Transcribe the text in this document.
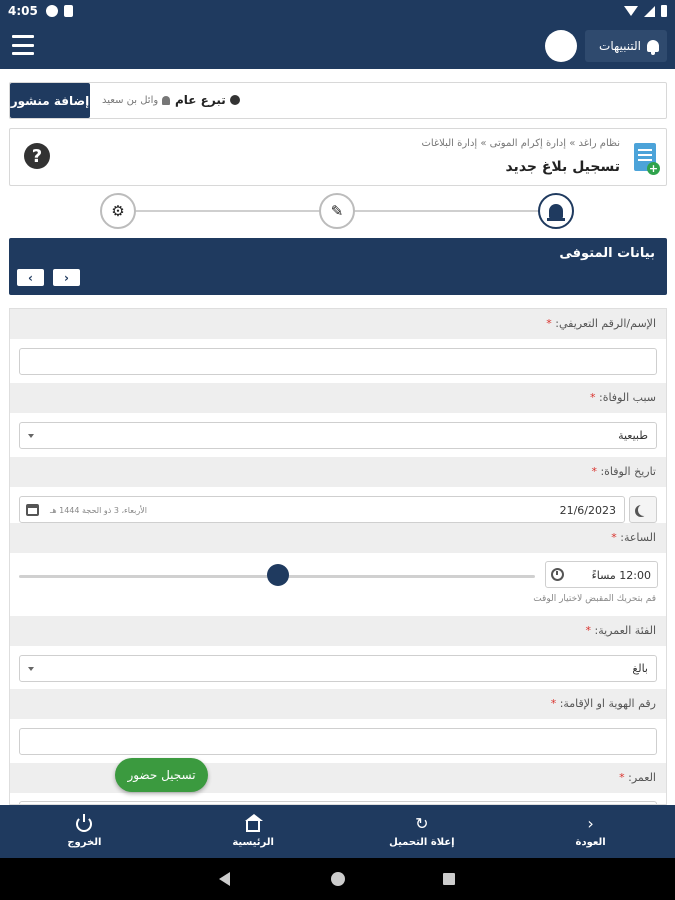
4:05
التنبيهات
إضافة منشور وائل بن سعيد تبرع عام
?
نظام راغد » إدارة إكرام الموتى » إدارة البلاغات
تسجيل بلاغ جديد	+
⚙	✎
بيانات المتوفى
‹	›
الإسم/الرقم التعريفي: *
سبب الوفاة: *
طبيعية
تاريخ الوفاة: *
21/6/2023
الأربعاء، 3 ذو الحجة 1444 هـ
الساعة: *
12:00 مساءً
قم بتحريك المقبض لاختيار الوقت
الفئة العمرية: *
بالغ
رقم الهوية او الإقامة: *
العمر: *
تسجيل حضور
الخروج	الرئيسية
↻
إعلاة التحميل
›
العودة
